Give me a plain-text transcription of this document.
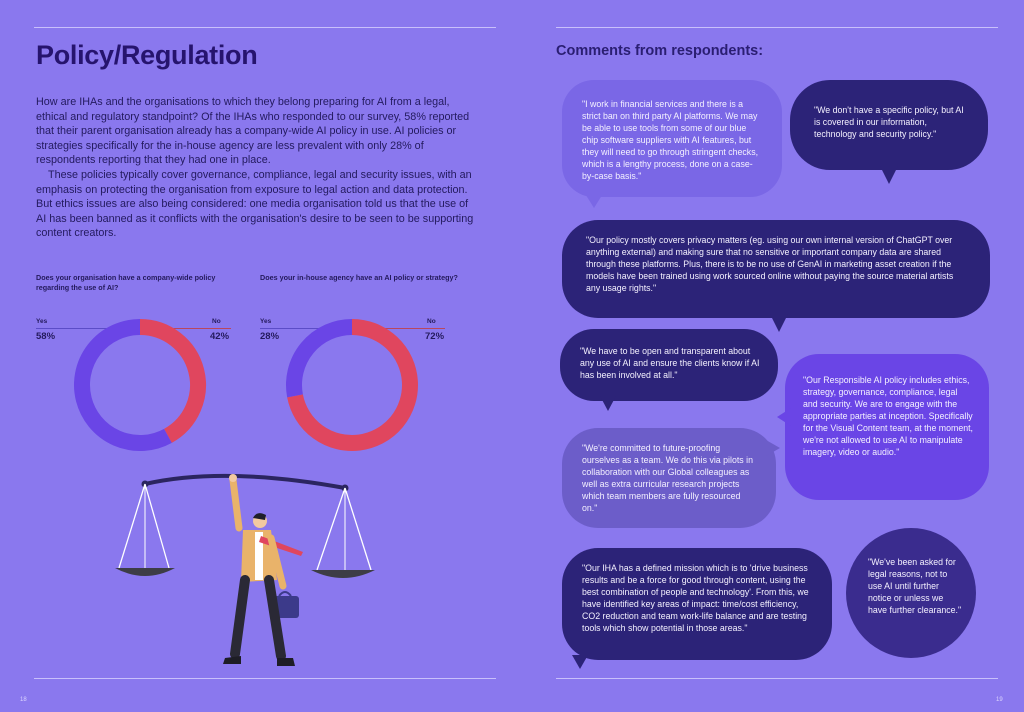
Policy/Regulation

How are IHAs and the organisations to which they belong preparing for AI from a legal, ethical and regulatory standpoint? Of the IHAs who responded to our survey, 58% reported that their parent organisation already has a company-wide AI policy in use. AI policies or strategies specifically for the in-house agency are less prevalent with only 28% of respondents reporting that they had one in place.

These policies typically cover governance, compliance, legal and security issues, with an emphasis on protecting the organisation from exposure to legal action and data protection. But ethics issues are also being considered: one media organisation told us that the use of AI has been banned as it conflicts with the organisation's desire to be seen to be supporting content creators.

Does your organisation have a company-wide policy regarding the use of AI?
Yes	No
58%	42%
Does your in-house agency have an AI policy or strategy?
Yes	No
28%	72%
18
Comments from respondents:
"I work in financial services and there is a strict ban on third party AI platforms. We may be able to use tools from some of our blue chip software suppliers with AI features, but they will need to go through stringent checks, which is a lengthy process, done on a case-by-case basis."
"We don't have a specific policy, but AI is covered in our information, technology and security policy."
"Our policy mostly covers privacy matters (eg. using our own internal version of ChatGPT over anything external) and making sure that no sensitive or important company data are shared through these platforms. Plus, there is to be no use of GenAI in marketing asset creation if the models have been trained using work sourced online without paying the source material artists any usage rights."
"We have to be open and transparent about any use of AI and ensure the clients know if AI has been involved at all."	"Our Responsible AI policy includes ethics, strategy, governance, compliance, legal and security. We are to engage with the appropriate parties at inception. Specifically for the Visual Content team, at the moment, we're not allowed to use AI to manipulate imagery, video or audio."
"We're committed to future-proofing ourselves as a team. We do this via pilots in collaboration with our Global colleagues as well as extra curricular research projects which team members are fully resourced on."
"Our IHA has a defined mission which is to 'drive business results and be a force for good through content, using the best combination of people and technology'. From this, we have identified key areas of impact: time/cost efficiency, CO2 reduction and team work-life balance and are testing tools which show potential in those areas."
"We've been asked for legal reasons, not to use AI until further notice or unless we have further clearance."
19
